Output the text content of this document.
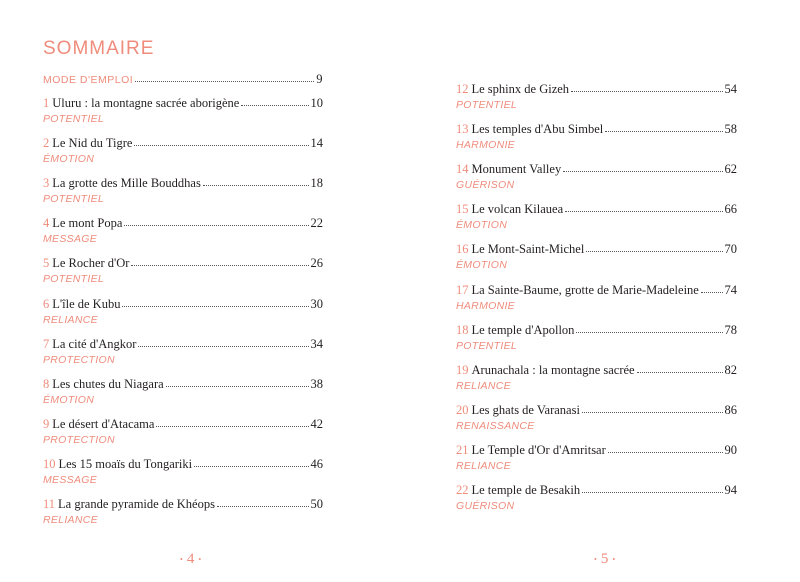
SOMMAIRE
MODE D'EMPLOI	9
1 Uluru : la montagne sacrée aborigène	10
POTENTIEL
2 Le Nid du Tigre	14
ÉMOTION
3 La grotte des Mille Bouddhas	18
POTENTIEL
4 Le mont Popa	22
MESSAGE
5 Le Rocher d'Or	26
POTENTIEL
6 L'île de Kubu	30
RELIANCE
7 La cité d'Angkor	34
PROTECTION
8 Les chutes du Niagara	38
ÉMOTION
9 Le désert d'Atacama	42
PROTECTION
10 Les 15 moaïs du Tongariki	46
MESSAGE
11 La grande pyramide de Khéops	50
RELIANCE
• 4 •
12 Le sphinx de Gizeh	54
POTENTIEL
13 Les temples d'Abu Simbel	58
HARMONIE
14 Monument Valley	62
GUÉRISON
15 Le volcan Kilauea	66
ÉMOTION
16 Le Mont-Saint-Michel	70
ÉMOTION
17 La Sainte-Baume, grotte de Marie-Madeleine 74
HARMONIE
18 Le temple d'Apollon	78
POTENTIEL
19 Arunachala : la montagne sacrée	82
RELIANCE
20 Les ghats de Varanasi	86
RENAISSANCE
21 Le Temple d'Or d'Amritsar	90
RELIANCE
22 Le temple de Besakih	94
GUÉRISON
• 5 •
